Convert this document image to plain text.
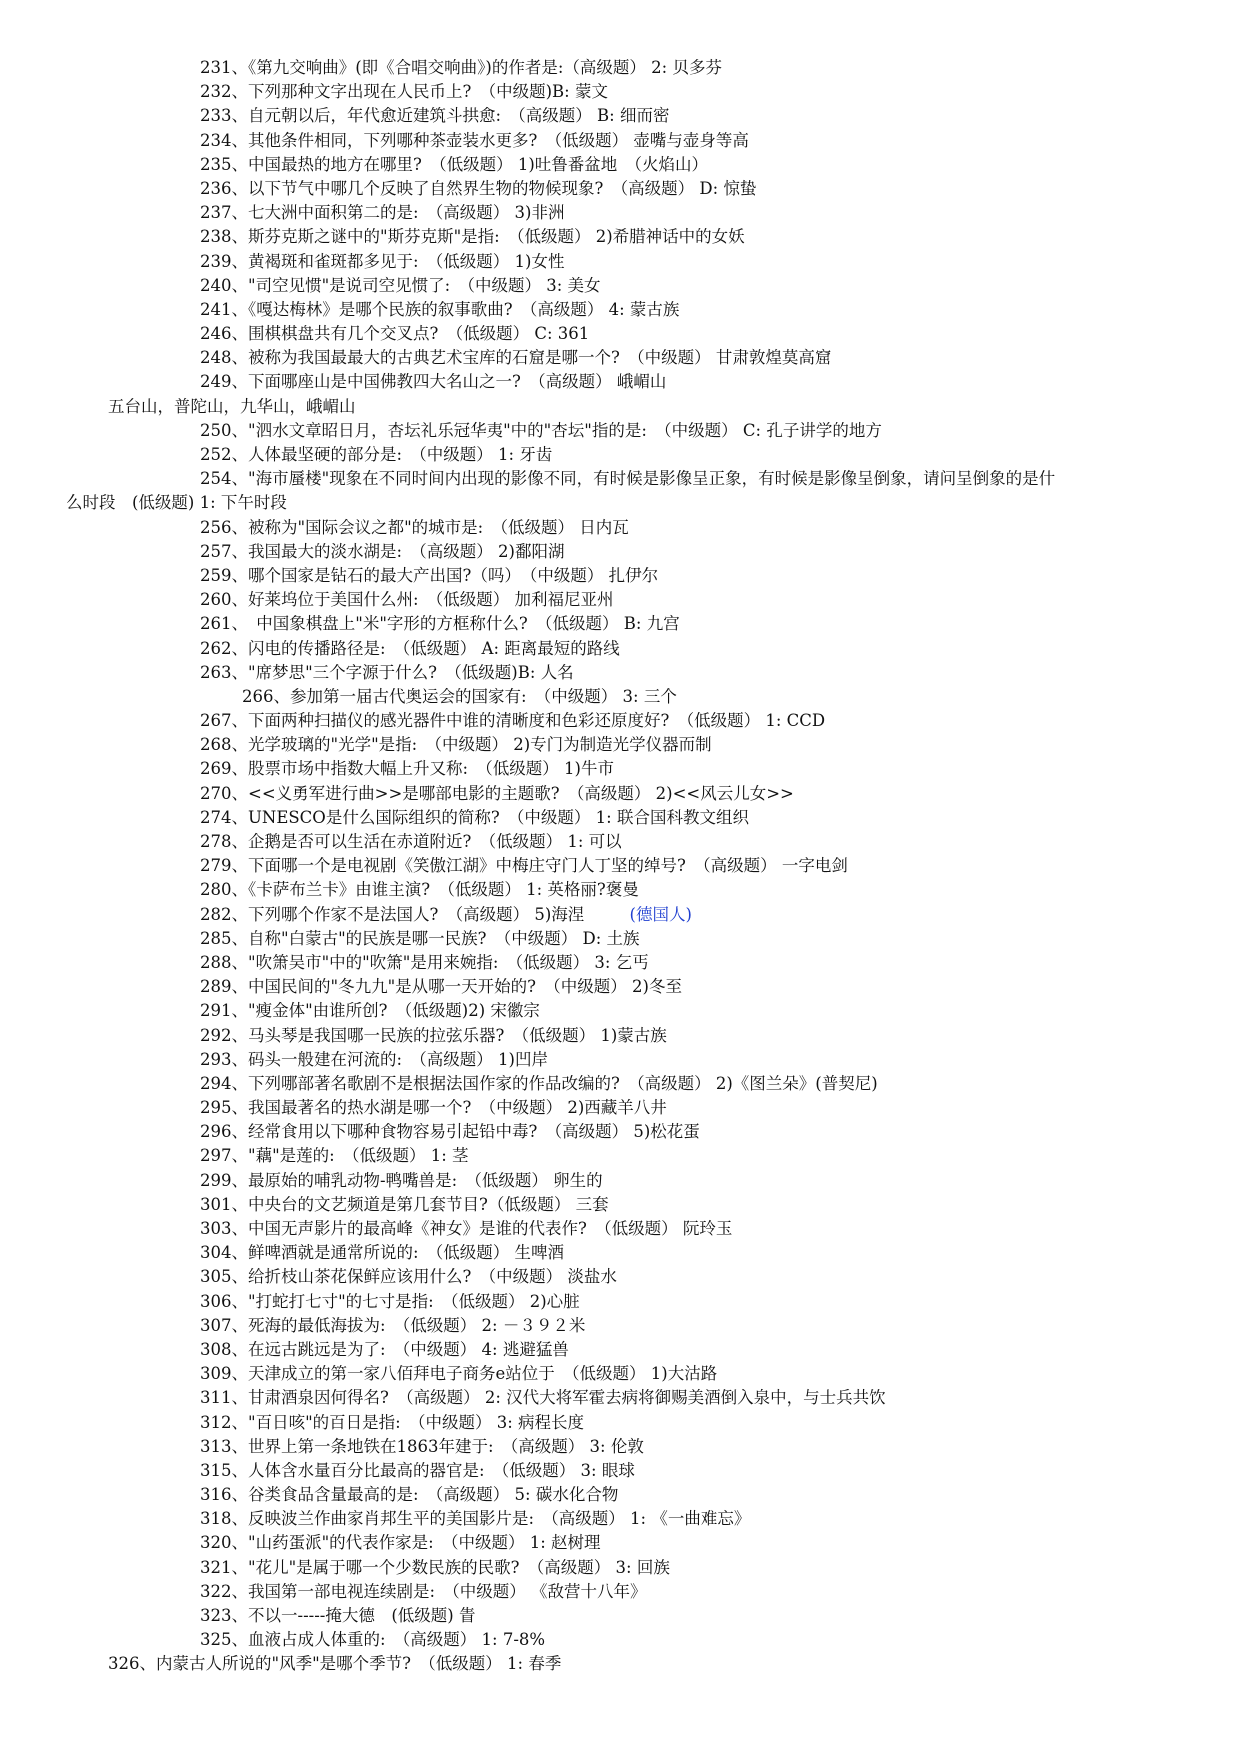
231、《第九交响曲》(即《合唱交响曲》)的作者是:（高级题） 2: 贝多芬
232、下列那种文字出现在人民币上?　（中级题)B: 蒙文
233、自元朝以后，年代愈近建筑斗拱愈:　（高级题） B: 细而密
234、其他条件相同，下列哪种茶壶装水更多?　（低级题） 壶嘴与壶身等高
235、中国最热的地方在哪里?　（低级题） 1)吐鲁番盆地　（火焰山）
236、以下节气中哪几个反映了自然界生物的物候现象?　（高级题） D: 惊蛰
237、七大洲中面积第二的是:　（高级题） 3)非洲
238、斯芬克斯之谜中的"斯芬克斯"是指:　（低级题） 2)希腊神话中的女妖
239、黄褐斑和雀斑都多见于:　（低级题） 1)女性
240、"司空见惯"是说司空见惯了:　（中级题） 3: 美女
241、《嘎达梅林》是哪个民族的叙事歌曲?　（高级题） 4: 蒙古族
246、围棋棋盘共有几个交叉点?　（低级题） C: 361
248、被称为我国最最大的古典艺术宝库的石窟是哪一个?　（中级题） 甘肃敦煌莫高窟
249、下面哪座山是中国佛教四大名山之一?　（高级题） 峨嵋山
五台山，普陀山，九华山，峨嵋山
250、"泗水文章昭日月，杏坛礼乐冠华夷"中的"杏坛"指的是:　（中级题） C: 孔子讲学的地方
252、人体最坚硬的部分是:　（中级题） 1: 牙齿
254、"海市蜃楼"现象在不同时间内出现的影像不同，有时候是影像呈正象，有时候是影像呈倒象，请问呈倒象的是什
么时段　(低级题) 1: 下午时段
256、被称为"国际会议之都"的城市是:　（低级题） 日内瓦
257、我国最大的淡水湖是:　（高级题） 2)鄱阳湖
259、哪个国家是钻石的最大产出国?（吗）　（中级题） 扎伊尔
260、好莱坞位于美国什么州:　（低级题） 加利福尼亚州
261、　中国象棋盘上"米"字形的方框称什么?　（低级题） B: 九宫
262、闪电的传播路径是:　（低级题） A: 距离最短的路线
263、"席梦思"三个字源于什么?　（低级题)B: 人名
266、参加第一届古代奥运会的国家有:　（中级题） 3: 三个
267、下面两种扫描仪的感光器件中谁的清晰度和色彩还原度好?　（低级题） 1: CCD
268、光学玻璃的"光学"是指:　（中级题） 2)专门为制造光学仪器而制
269、股票市场中指数大幅上升又称:　（低级题） 1)牛市
270、<<义勇军进行曲>>是哪部电影的主题歌?　（高级题） 2)<<风云儿女>>
274、UNESCO是什么国际组织的简称?　（中级题） 1: 联合国科教文组织
278、企鹅是否可以生活在赤道附近?　（低级题） 1: 可以
279、下面哪一个是电视剧《笑傲江湖》中梅庄守门人丁坚的绰号?　（高级题） 一字电剑
280、《卡萨布兰卡》由谁主演?　（低级题） 1: 英格丽?褒曼
282、下列哪个作家不是法国人?　（高级题） 5)海涅	(德国人)
285、自称"白蒙古"的民族是哪一民族?　（中级题） D: 土族
288、"吹箫吴市"中的"吹箫"是用来婉指:　（低级题） 3: 乞丐
289、中国民间的"冬九九"是从哪一天开始的?　（中级题） 2)冬至
291、"瘦金体"由谁所创?　（低级题)2) 宋徽宗
292、马头琴是我国哪一民族的拉弦乐器?　（低级题） 1)蒙古族
293、码头一般建在河流的:　（高级题） 1)凹岸
294、下列哪部著名歌剧不是根据法国作家的作品改编的?　（高级题） 2)《图兰朵》(普契尼)
295、我国最著名的热水湖是哪一个?　（中级题） 2)西藏羊八井
296、经常食用以下哪种食物容易引起铅中毒?　（高级题） 5)松花蛋
297、"藕"是莲的:　（低级题） 1: 茎
299、最原始的哺乳动物-鸭嘴兽是:　（低级题） 卵生的
301、中央台的文艺频道是第几套节目?（低级题） 三套
303、中国无声影片的最高峰《神女》是谁的代表作?　（低级题） 阮玲玉
304、鲜啤酒就是通常所说的:　（低级题） 生啤酒
305、给折枝山茶花保鲜应该用什么?　（中级题） 淡盐水
306、"打蛇打七寸"的七寸是指:　（低级题） 2)心脏
307、死海的最低海拔为:　（低级题） 2: －３９２米
308、在远古跳远是为了:　（中级题） 4: 逃避猛兽
309、天津成立的第一家八佰拜电子商务e站位于　（低级题） 1)大沽路
311、甘肃酒泉因何得名?　（高级题） 2: 汉代大将军霍去病将御赐美酒倒入泉中，与士兵共饮
312、"百日咳"的百日是指:　（中级题） 3: 病程长度
313、世界上第一条地铁在1863年建于:　（高级题） 3: 伦敦
315、人体含水量百分比最高的器官是:　（低级题） 3: 眼球
316、谷类食品含量最高的是:　（高级题） 5: 碳水化合物
318、反映波兰作曲家肖邦生平的美国影片是:　（高级题） 1: 《一曲难忘》
320、"山药蛋派"的代表作家是:　（中级题） 1: 赵树理
321、"花儿"是属于哪一个少数民族的民歌?　（高级题） 3: 回族
322、我国第一部电视连续剧是:　（中级题） 《敌营十八年》
323、不以一-----掩大德　(低级题) 眚
325、血液占成人体重的:　（高级题） 1: 7-8%
326、内蒙古人所说的"风季"是哪个季节?　（低级题） 1: 春季
